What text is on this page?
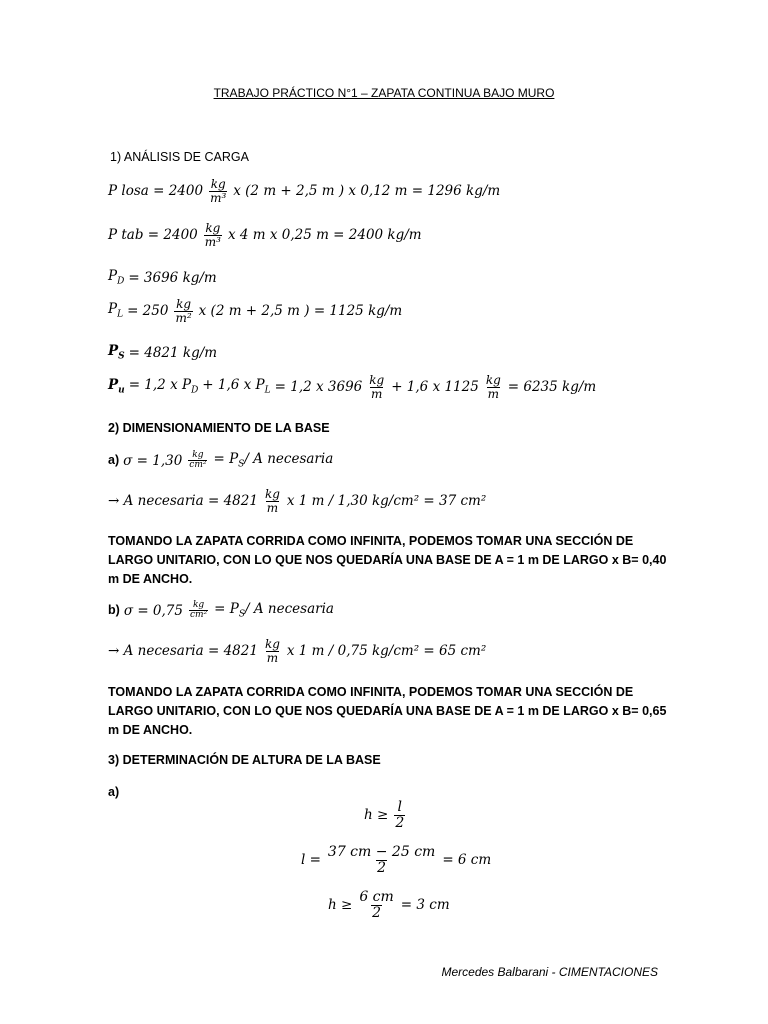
TRABAJO PRÁCTICO N°1 – ZAPATA CONTINUA BAJO MURO
1) ANÁLISIS DE CARGA
P losa = $2400 \frac{kg}{\text{m³}}$ x (2 m + 2,5 m ) x 0,12 m = 1296 kg/m
P tab = $2400 \frac{kg}{\text{m³}}$ x 4 m x 0,25 m = 2400 kg/m
$P_D = 3696$ kg/m
$P_L = 250 \frac{kg}{\text{m²}}$ x (2 m + 2,5 m ) = 1125 kg/m
$P_S = 4821$ kg/m
$P_u = 1,2$ x $P_D + 1,6$ x $P_L = 1,2$ x $3696 \frac{kg}{m} + 1,6$ x $1125 \frac{kg}{m} = 6235$ kg/m
2) DIMENSIONAMIENTO DE LA BASE
a) $\sigma = 1,30 \frac{kg}{\text{cm²}} = P_S/$ A necesaria
→ A necesaria = $4821 \frac{kg}{m}$ x 1 m / 1,30 kg/cm² = 37 cm²
TOMANDO LA ZAPATA CORRIDA COMO INFINITA, PODEMOS TOMAR UNA SECCIÓN DE LARGO UNITARIO, CON LO QUE NOS QUEDARÍA UNA BASE DE A = 1 m DE LARGO x B= 0,40 m DE ANCHO.
b) $\sigma = 0,75 \frac{kg}{\text{cm²}} = P_S/$ A necesaria
→ A necesaria = $4821 \frac{kg}{m}$ x 1 m / 0,75 kg/cm² = 65 cm²
TOMANDO LA ZAPATA CORRIDA COMO INFINITA, PODEMOS TOMAR UNA SECCIÓN DE LARGO UNITARIO, CON LO QUE NOS QUEDARÍA UNA BASE DE A = 1 m DE LARGO x B= 0,65 m DE ANCHO.
3) DETERMINACIÓN DE ALTURA DE LA BASE
a)
$h \ge \frac{l}{2}$
$l = \frac{37 cm - 25 cm}{2} = 6$ cm
$h \ge \frac{6 cm}{2} = 3$ cm
Mercedes Balbarani - CIMENTACIONES
